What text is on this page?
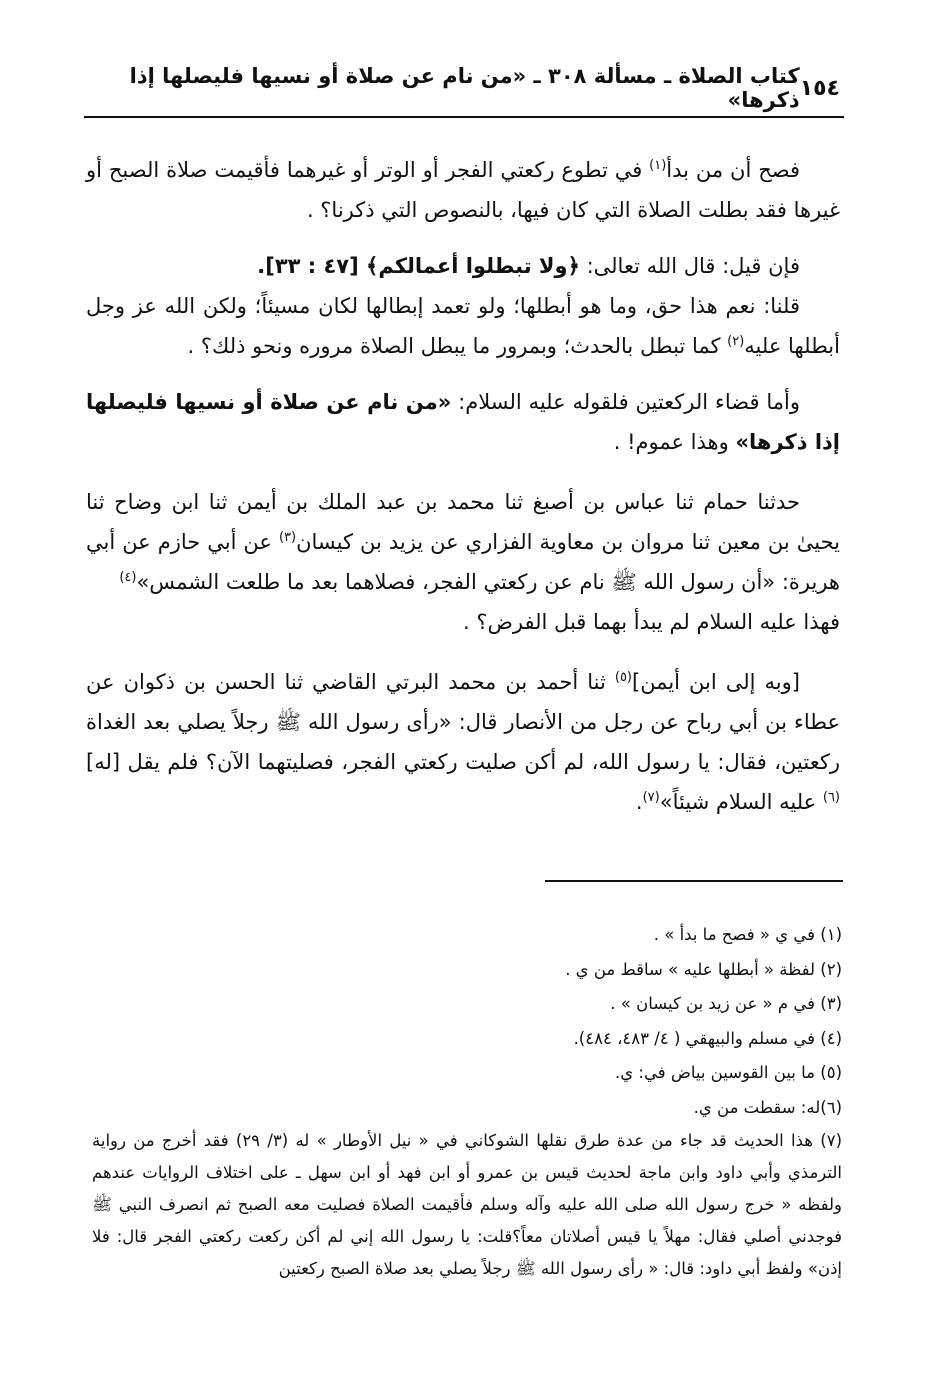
١٥٤
كتاب الصلاة ـ مسألة ٣٠٨ ـ «من نام عن صلاة أو نسيها فليصلها إذا ذكرها»

فصح أن من بدأ$^{(١)}$ في تطوع ركعتي الفجر أو الوتر أو غيرهما فأقيمت صلاة الصبح أو غيرها فقد بطلت الصلاة التي كان فيها، بالنصوص التي ذكرنا؟ .

فإن قيل: قال الله تعالى: ﴿ولا تبطلوا أعمالكم﴾ [٤٧ : ٣٣].

قلنا: نعم هذا حق، وما هو أبطلها؛ ولو تعمد إبطالها لكان مسيئاً؛ ولكن الله عز وجل أبطلها عليه$^{(٢)}$ كما تبطل بالحدث؛ وبمرور ما يبطل الصلاة مروره ونحو ذلك؟ .

وأما قضاء الركعتين فلقوله عليه السلام: «من نام عن صلاة أو نسيها فليصلها إذا ذكرها» وهذا عموم! .

حدثنا حمام ثنا عباس بن أصبغ ثنا محمد بن عبد الملك بن أيمن ثنا ابن وضاح ثنا يحيىٰ بن معين ثنا مروان بن معاوية الفزاري عن يزيد بن كيسان$^{(٣)}$ عن أبي حازم عن أبي هريرة: «أن رسول الله ﷺ نام عن ركعتي الفجر، فصلاهما بعد ما طلعت الشمس»$^{(٤)}$

فهذا عليه السلام لم يبدأ بهما قبل الفرض؟ .

[وبه إلى ابن أيمن]$^{(٥)}$ ثنا أحمد بن محمد البرتي القاضي ثنا الحسن بن ذكوان عن عطاء بن أبي رباح عن رجل من الأنصار قال: «رأى رسول الله ﷺ رجلاً يصلي بعد الغداة ركعتين، فقال: يا رسول الله، لم أكن صليت ركعتي الفجر، فصليتهما الآن؟ فلم يقل [له]$^{(٦)}$ عليه السلام شيئاً»$^{(٧)}$.

(١) في ي « فصح ما بدأ » .

(٢) لفظة « أبطلها عليه » ساقط من ي .

(٣) في م « عن زيد بن كيسان » .

(٤) في مسلم والبيهقي ( ٤/ ٤٨٣، ٤٨٤).

(٥) ما بين القوسين بياض في: ي.

(٦)له: سقطت من ي.

(٧) هذا الحديث قد جاء من عدة طرق نقلها الشوكاني في « نيل الأوطار » له (٣/ ٢٩) فقد أخرج من رواية الترمذي وأبي داود وابن ماجة لحديث قيس بن عمرو أو ابن فهد أو ابن سهل ـ على اختلاف الروايات عندهم ولفظه « خرج رسول الله صلى الله عليه وآله وسلم فأقيمت الصلاة فصليت معه الصبح ثم انصرف النبي ﷺ فوجدني أصلي فقال: مهلاً يا قيس أصلاتان معاً؟قلت: يا رسول الله إني لم أكن ركعت ركعتي الفجر قال: فلا إذن» ولفظ أبي داود: قال: « رأى رسول الله ﷺ رجلاً يصلي بعد صلاة الصبح ركعتين
